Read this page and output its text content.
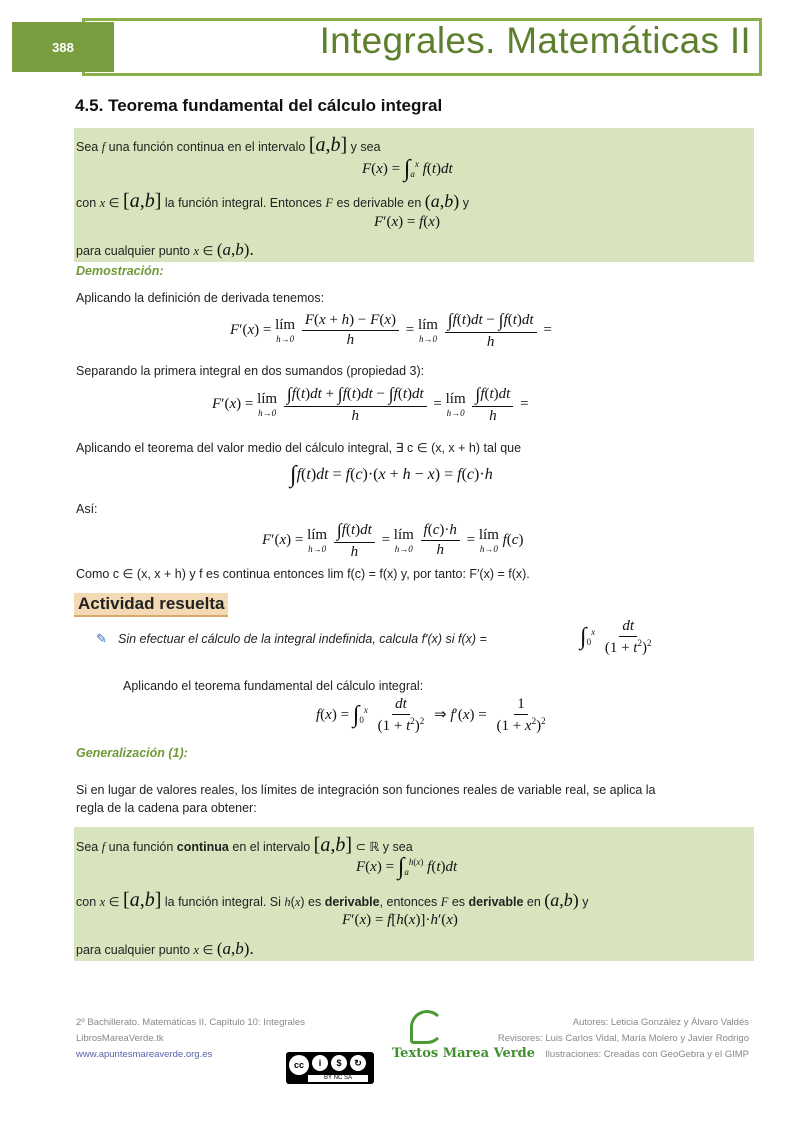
388	Integrales. Matemáticas II
4.5. Teorema fundamental del cálculo integral
Sea f una función continua en el intervalo [a,b] y sea
$F(x) = \int_a^x$ f(t)dt
con x ∈ [a,b] la función integral. Entonces F es derivable en (a,b) y
F′(x) = f(x)
para cualquier punto x ∈ (a,b).
Demostración:
Aplicando la definición de derivada tenemos:
F′(x) = lím
h→0
$\frac{F(x + h) - F(x)}{h}$ = lím
h→0
$\frac{\int f(t)dt - \int f(t)dt}{h}$ =
Separando la primera integral en dos sumandos (propiedad 3):
F′(x) = lím
h→0
$\frac{\int f(t)dt + \int f(t)dt - \int f(t)dt}{h}$ = lím
h→0
$\frac{\int f(t)dt}{h}$ =
Aplicando el teorema del valor medio del cálculo integral, ∃ c ∈ (x, x + h) tal que
∫f(t)dt = f(c)·(x + h − x) = f(c)·h
Así:
F′(x) = lím
h→0
$\frac{\int f(t)dt}{h}$ = lím
h→0
$\frac{f(c)\cdot h}{h}$ = lím
h→0
f(c)
Como c ∈ (x, x + h) y f es continua entonces lim f(c) = f(x) y, por tanto: F′(x) = f(x).
Actividad resuelta
✎ Sin efectuar el cálculo de la integral indefinida, calcula f′(x) si f(x) =	$\int_0^x \frac{dt}{(1 + t^2)^2}$
Aplicando el teorema fundamental del cálculo integral:
$f(x) = \int_0^x \frac{dt}{(1 + t^2)^2}$ ⇒ $f'(x) = \frac{1}{(1 + x^2)^2}$
Generalización (1):
Si en lugar de valores reales, los límites de integración son funciones reales de variable real, se aplica la
regla de la cadena para obtener:
Sea f una función continua en el intervalo [a,b] ⊂ ℝ y sea
$F(x) = \int_a^{h(x)}$ f(t)dt
con x ∈ [a,b] la función integral. Si h(x) es derivable, entonces F es derivable en (a,b) y
F′(x) = f[h(x)]·h′(x)
para cualquier punto x ∈ (a,b).
2º Bachillerato. Matemáticas II. Capítulo 10: Integrales
LibrosMareaVerde.tk
www.apuntesmareaverde.org.es
cc	i	$	↻
BY NC SA
Textos Marea Verde
Autores: Leticia González y Álvaro Valdés
Revisores: Luis Carlos Vidal, María Molero y Javier Rodrigo
Ilustraciones: Creadas con GeoGebra y el GIMP
